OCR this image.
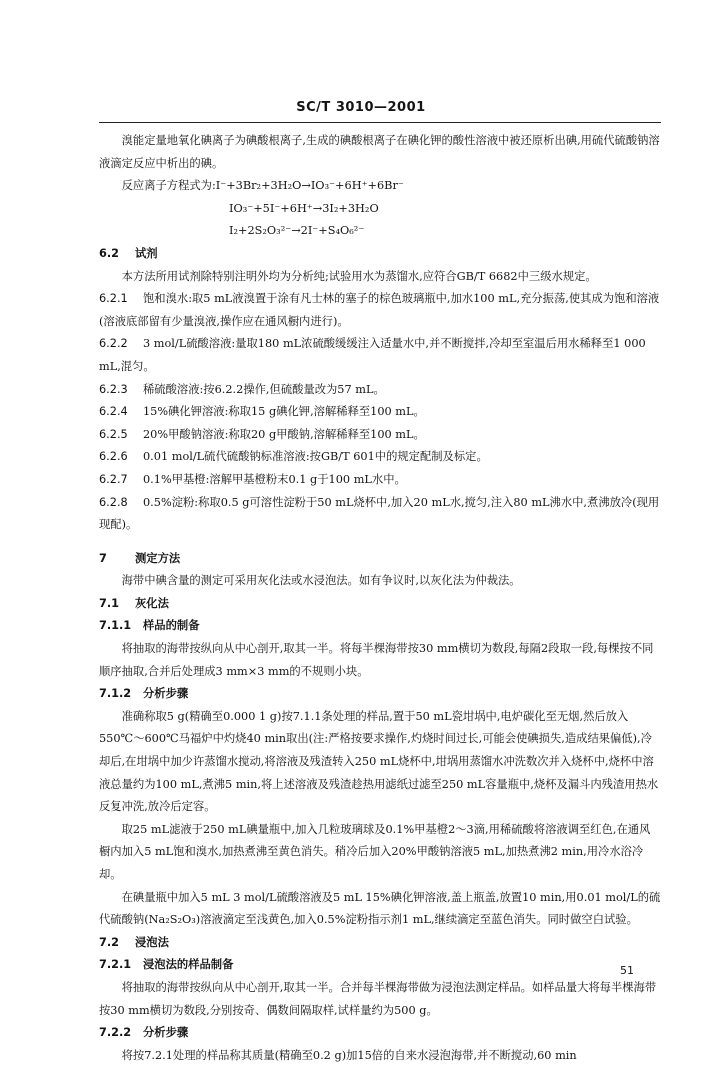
SC/T 3010—2001

溴能定量地氧化碘离子为碘酸根离子,生成的碘酸根离子在碘化钾的酸性溶液中被还原析出碘,用硫代硫酸钠溶液滴定反应中析出的碘。

反应离子方程式为:I⁻+3Br₂+3H₂O→IO₃⁻+6H⁺+6Br⁻

IO₃⁻+5I⁻+6H⁺→3I₂+3H₂O

I₂+2S₂O₃²⁻→2I⁻+S₄O₆²⁻

6.2 试剂

本方法所用试剂除特别注明外均为分析纯;试验用水为蒸馏水,应符合GB/T 6682中三级水规定。

6.2.1 饱和溴水:取5 mL液溴置于涂有凡士林的塞子的棕色玻璃瓶中,加水100 mL,充分振荡,使其成为饱和溶液(溶液底部留有少量溴液,操作应在通风橱内进行)。

6.2.2 3 mol/L硫酸溶液:量取180 mL浓硫酸缓缓注入适量水中,并不断搅拌,冷却至室温后用水稀释至1 000 mL,混匀。

6.2.3 稀硫酸溶液:按6.2.2操作,但硫酸量改为57 mL。

6.2.4 15%碘化钾溶液:称取15 g碘化钾,溶解稀释至100 mL。

6.2.5 20%甲酸钠溶液:称取20 g甲酸钠,溶解稀释至100 mL。

6.2.6 0.01 mol/L硫代硫酸钠标准溶液:按GB/T 601中的规定配制及标定。

6.2.7 0.1%甲基橙:溶解甲基橙粉末0.1 g于100 mL水中。

6.2.8 0.5%淀粉:称取0.5 g可溶性淀粉于50 mL烧杯中,加入20 mL水,搅匀,注入80 mL沸水中,煮沸放冷(现用现配)。

7 测定方法

海带中碘含量的测定可采用灰化法或水浸泡法。如有争议时,以灰化法为仲裁法。

7.1 灰化法

7.1.1 样品的制备

将抽取的海带按纵向从中心剖开,取其一半。将每半棵海带按30 mm横切为数段,每隔2段取一段,每棵按不同顺序抽取,合并后处理成3 mm×3 mm的不规则小块。

7.1.2 分析步骤

准确称取5 g(精确至0.000 1 g)按7.1.1条处理的样品,置于50 mL瓷坩埚中,电炉碳化至无烟,然后放入550℃～600℃马福炉中灼烧40 min取出(注:严格按要求操作,灼烧时间过长,可能会使碘损失,造成结果偏低),冷却后,在坩埚中加少许蒸馏水搅动,将溶液及残渣转入250 mL烧杯中,坩埚用蒸馏水冲洗数次并入烧杯中,烧杯中溶液总量约为100 mL,煮沸5 min,将上述溶液及残渣趁热用滤纸过滤至250 mL容量瓶中,烧杯及漏斗内残渣用热水反复冲洗,放冷后定容。

取25 mL滤液于250 mL碘量瓶中,加入几粒玻璃球及0.1%甲基橙2～3滴,用稀硫酸将溶液调至红色,在通风橱内加入5 mL饱和溴水,加热煮沸至黄色消失。稍冷后加入20%甲酸钠溶液5 mL,加热煮沸2 min,用冷水浴冷却。

在碘量瓶中加入5 mL 3 mol/L硫酸溶液及5 mL 15%碘化钾溶液,盖上瓶盖,放置10 min,用0.01 mol/L的硫代硫酸钠(Na₂S₂O₃)溶液滴定至浅黄色,加入0.5%淀粉指示剂1 mL,继续滴定至蓝色消失。同时做空白试验。

7.2 浸泡法

7.2.1 浸泡法的样品制备

将抽取的海带按纵向从中心剖开,取其一半。合并每半棵海带做为浸泡法测定样品。如样品量大将每半棵海带按30 mm横切为数段,分别按奇、偶数间隔取样,试样量约为500 g。

7.2.2 分析步骤

将按7.2.1处理的样品称其质量(精确至0.2 g)加15倍的自来水浸泡海带,并不断搅动,60 min

51
